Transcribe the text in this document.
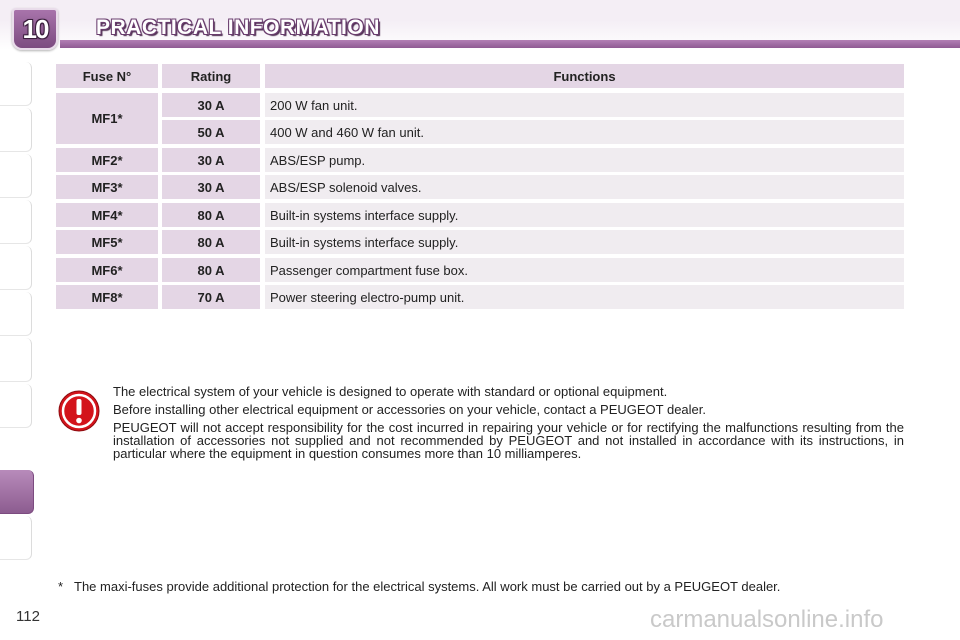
10 PRACTICAL INFORMATION
Fuse N°	Rating	Functions
MF1*
30 A	200 W fan unit.
50 A	400 W and 460 W fan unit.
MF2*	30 A	ABS/ESP pump.
MF3*	30 A	ABS/ESP solenoid valves.
MF4*	80 A	Built-in systems interface supply.
MF5*	80 A	Built-in systems interface supply.
MF6*	80 A	Passenger compartment fuse box.
MF8*	70 A	Power steering electro-pump unit.

The electrical system of your vehicle is designed to operate with standard or optional equipment.

Before installing other electrical equipment or accessories on your vehicle, contact a PEUGEOT dealer.

PEUGEOT will not accept responsibility for the cost incurred in repairing your vehicle or for rectifying the malfunctions resulting from the installation of accessories not supplied and not recommended by PEUGEOT and not installed in accordance with its instructions, in particular where the equipment in question consumes more than 10 milliamperes.

* The maxi-fuses provide additional protection for the electrical systems. All work must be carried out by a PEUGEOT dealer.

112	carmanualsonline.info
